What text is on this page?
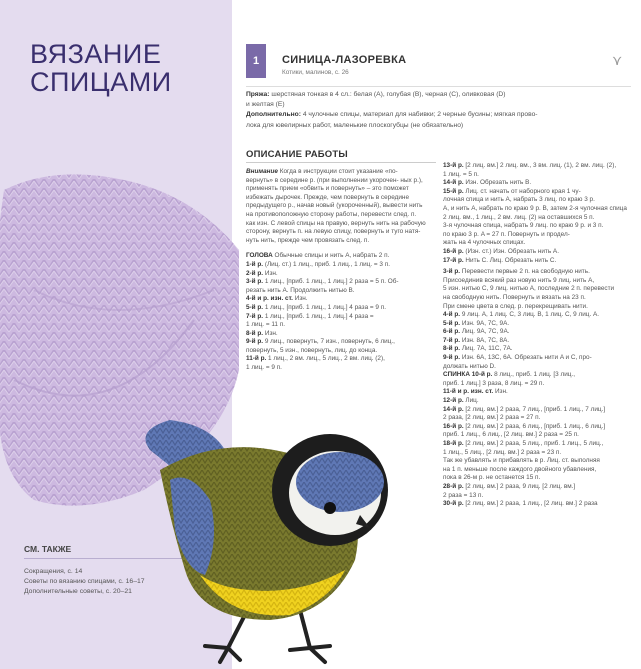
ВЯЗАНИЕ
СПИЦАМИ
СМ. ТАКЖЕ
Сокращения, с. 14
Советы по вязанию спицами, с. 16–17
Дополнительные советы, с. 20–21
1	СИНИЦА-ЛАЗОРЕВКА
Котики, малинов, с. 26
⋎
Пряжа: шерстяная тонкая в 4 сл.: белая (A), голубая (B), черная (C), оливковая (D)
и желтая (E)
Дополнительно: 4 чулочные спицы, материал для набивки; 2 черные бусины; мягкая прово-
лока для ювелирных работ, маленькие плоскогубцы (не обязательно)
ОПИСАНИЕ РАБОТЫ
Внимание Когда в инструкции стоит указание «по- вернуть» в середине р. (при выполнении укорочен- ных р.), применять прием «обвить и повернуть» – это поможет избежать дырочек. Прежде, чем повернуть в середине предыдущего р., начав новый (укороченный), вывести нить на противоположную сторону работы, перевести след. п. как изн. С левой спицы на правую, вернуть нить на рабочую сторону, вернуть п. на левую спицу, повернуть и туго натя- нуть нить, прежде чем провязать след. п.
ГОЛОВА Обычные спицы и нить A, набрать 2 п.
1-й р. (Лиц. ст.) 1 лиц., приб. 1 лиц., 1 лиц. = 3 п.
2-й р. Изн.
3-й р. 1 лиц., [приб. 1 лиц., 1 лиц.] 2 раза = 5 п. Об-
резать нить A. Продолжить нитью B.
4-й и р. изн. ст. Изн.
5-й р. 1 лиц., [приб. 1 лиц., 1 лиц.] 4 раза = 9 п.
7-й р. 1 лиц., [приб. 1 лиц., 1 лиц.] 4 раза =
1 лиц. = 11 п.
8-й р. Изн.
9-й р. 9 лиц., повернуть, 7 изн., повернуть, 6 лиц.,
повернуть, 5 изн., повернуть, лиц. до конца.
11-й р. 1 лиц., 2 вм. лиц., 5 лиц., 2 вм. лиц. (2),
1 лиц. = 9 п.
13-й р. [2 лиц. вм.] 2 лиц. вм., 3 вм. лиц. (1), 2 вм. лиц. (2),
1 лиц. = 5 п.
14-й р. Изн. Обрезать нить B.
15-й р. Лиц. ст. начать от наборного края 1 чу-
лочная спица и нить A, набрать 3 лиц. по краю 3 р.
A, и нить A, набрать по краю 9 р. B, затем 2-я чулочная спица
2 лиц. вм., 1 лиц., 2 вм. лиц. (2) на оставшихся 5 п.
3-я чулочная спица, набрать 9 лиц. по краю 9 р. и 3 п.
по краю 3 р. A = 27 п. Повернуть и продел-
жать на 4 чулочных спицах.
16-й р. (Изн. ст.) Изн. Обрезать нить A.
17-й р. Нить C. Лиц. Обрезать нить C.
3-й р. Перевести первые 2 п. на свободную нить.
Присоединив всякий раз новую нить 9 лиц. нить A,
5 изн. нитью C, 9 лиц. нитью A, последние 2 п. перевести
на свободную нить. Повернуть и вязать на 23 п.
При смене цвета в след. р. перекрещивать нити.
4-й р. 9 лиц. A, 1 лиц. C, 3 лиц. B, 1 лиц. C, 9 лиц. A.
5-й р. Изн. 9A, 7C, 9A.
6-й р. Лиц. 9A, 7C, 9A.
7-й р. Изн. 8A, 7C, 8A.
8-й р. Лиц. 7A, 11C, 7A.
9-й р. Изн. 6A, 13C, 6A. Обрезать нити A и C, про-
должать нитью D.
СПИНКА 10-й р. 8 лиц., приб. 1 лиц. [3 лиц.,
приб. 1 лиц.] 3 раза, 8 лиц. = 29 п.
11-й и р. изн. ст. Изн.
12-й р. Лиц.
14-й р. [2 лиц. вм.] 2 раза, 7 лиц., [приб. 1 лиц., 7 лиц.]
2 раза, [2 лиц. вм.] 2 раза = 27 п.
16-й р. [2 лиц. вм.] 2 раза, 6 лиц., [приб. 1 лиц., 6 лиц.]
приб. 1 лиц., 6 лиц., [2 лиц. вм.] 2 раза = 25 п.
18-й р. [2 лиц. вм.] 2 раза, 5 лиц., приб. 1 лиц., 5 лиц.,
1 лиц., 5 лиц., [2 лиц. вм.] 2 раза = 23 п.
Так же убавлять и прибавлять в р. Лиц. ст. выполняя
на 1 п. меньше после каждого двойного убавления,
пока в 26-м р. не останется 15 п.
28-й р. [2 лиц. вм.] 2 раза, 9 лиц. [2 лиц. вм.]
2 раза = 13 п.
30-й р. [2 лиц. вм.] 2 раза, 1 лиц., [2 лиц. вм.] 2 раза
